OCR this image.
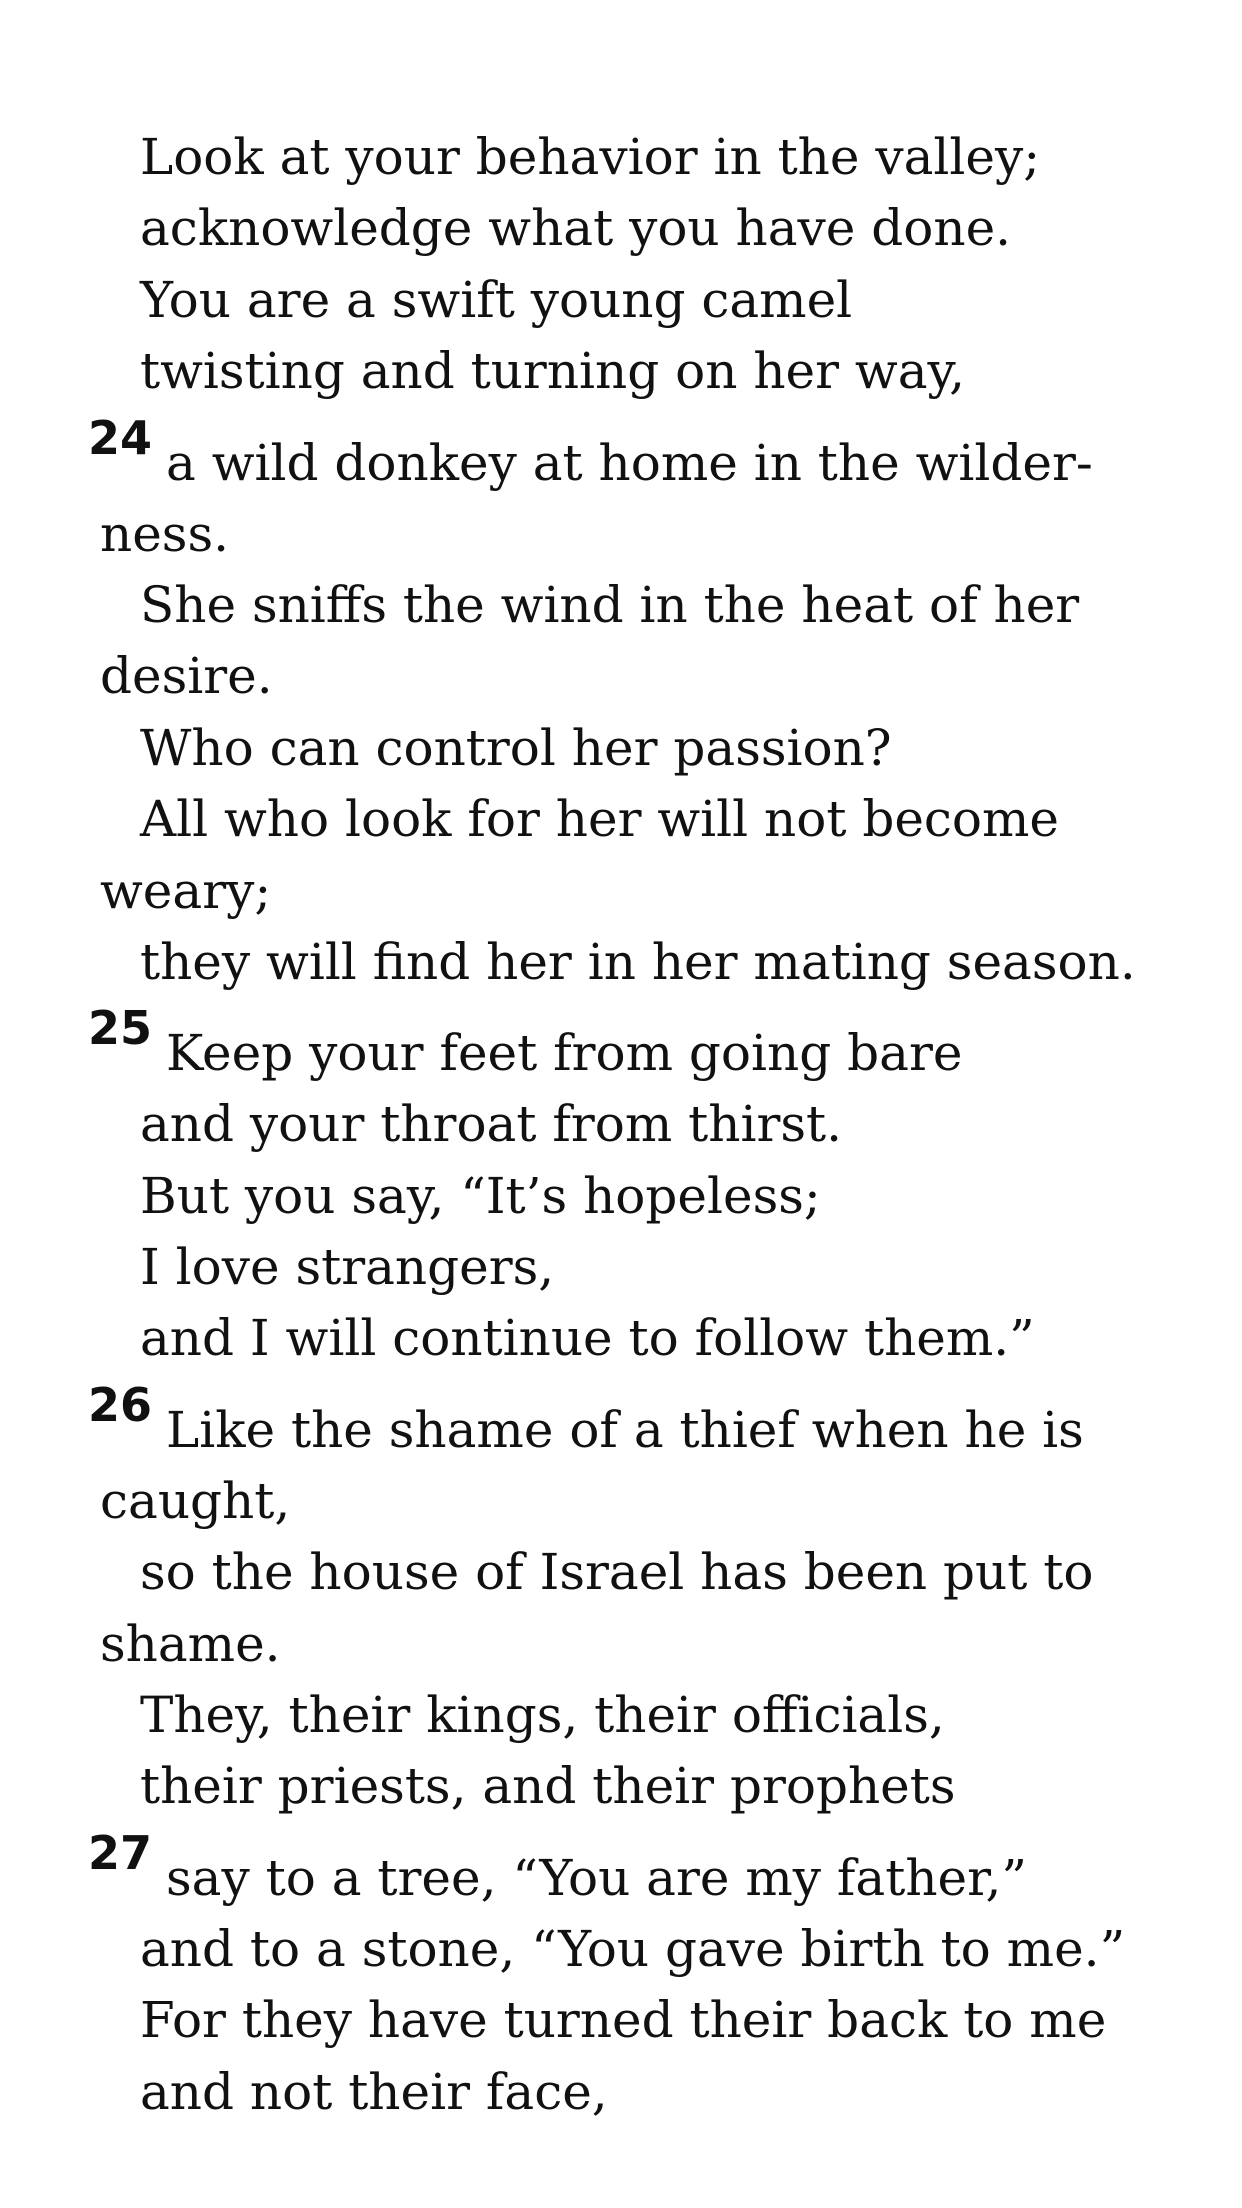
Look at your behavior in the valley;
acknowledge what you have done.
You are a swift young camel
twisting and turning on her way,
24 a wild donkey at home in the wilder-
ness.
She sniffs the wind in the heat of her
desire.
Who can control her passion?
All who look for her will not become
weary;
they will find her in her mating season.
25 Keep your feet from going bare
and your throat from thirst.
But you say, “It’s hopeless;
I love strangers,
and I will continue to follow them.”
26 Like the shame of a thief when he is
caught,
so the house of Israel has been put to
shame.
They, their kings, their officials,
their priests, and their prophets
27 say to a tree, “You are my father,”
and to a stone, “You gave birth to me.”
For they have turned their back to me
and not their face,
